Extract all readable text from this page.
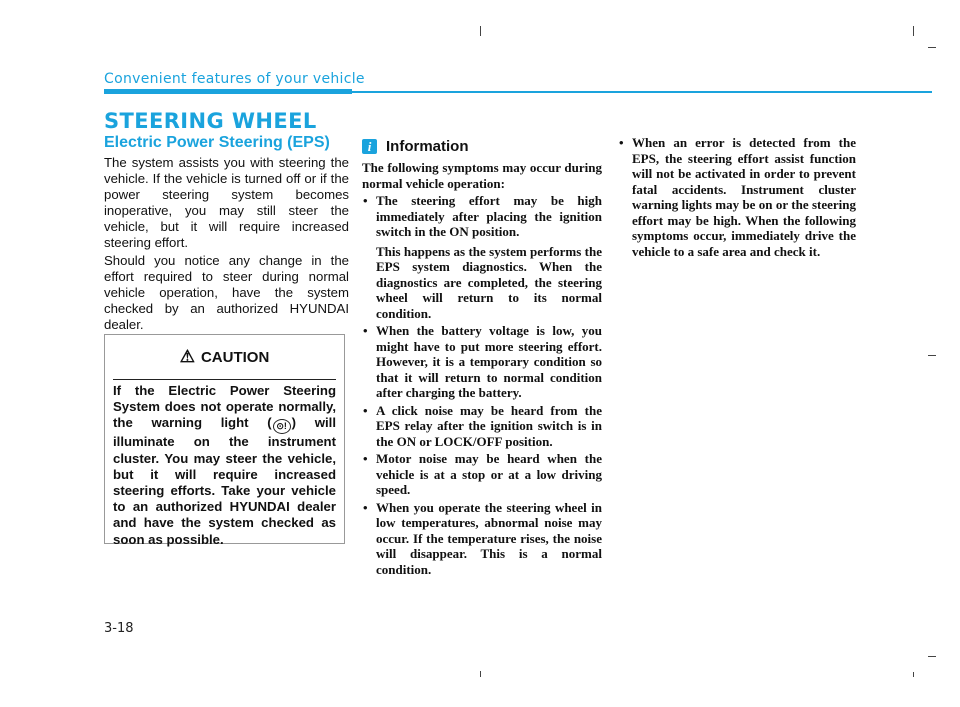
Convenient features of your vehicle
STEERING WHEEL
Electric Power Steering (EPS)
The system assists you with steering the vehicle. If the vehicle is turned off or if the power steering system becomes inoperative, you may still steer the vehicle, but it will require increased steering effort.
Should you notice any change in the effort required to steer during normal vehicle operation, have the system checked by an authorized HYUNDAI dealer.
⚠ CAUTION
If the Electric Power Steering System does not operate normally, the warning light ( ⊙! ) will illuminate on the instrument cluster. You may steer the vehicle, but it will require increased steering efforts. Take your vehicle to an authorized HYUNDAI dealer and have the system checked as soon as possible.
i Information
The following symptoms may occur during normal vehicle operation:
• The steering effort may be high immediately after placing the ignition switch in the ON position.
This happens as the system performs the EPS system diagnostics. When the diagnostics are completed, the steering wheel will return to its normal condition.
• When the battery voltage is low, you might have to put more steering effort. However, it is a temporary condition so that it will return to normal condition after charging the battery.
• A click noise may be heard from the EPS relay after the ignition switch is in the ON or LOCK/OFF position.
• Motor noise may be heard when the vehicle is at a stop or at a low driving speed.
• When you operate the steering wheel in low temperatures, abnormal noise may occur. If the temperature rises, the noise will disappear. This is a normal condition.
• When an error is detected from the EPS, the steering effort assist function will not be activated in order to prevent fatal accidents. Instrument cluster warning lights may be on or the steering effort may be high. When the following symptoms occur, immediately drive the vehicle to a safe area and check it.
3-18
